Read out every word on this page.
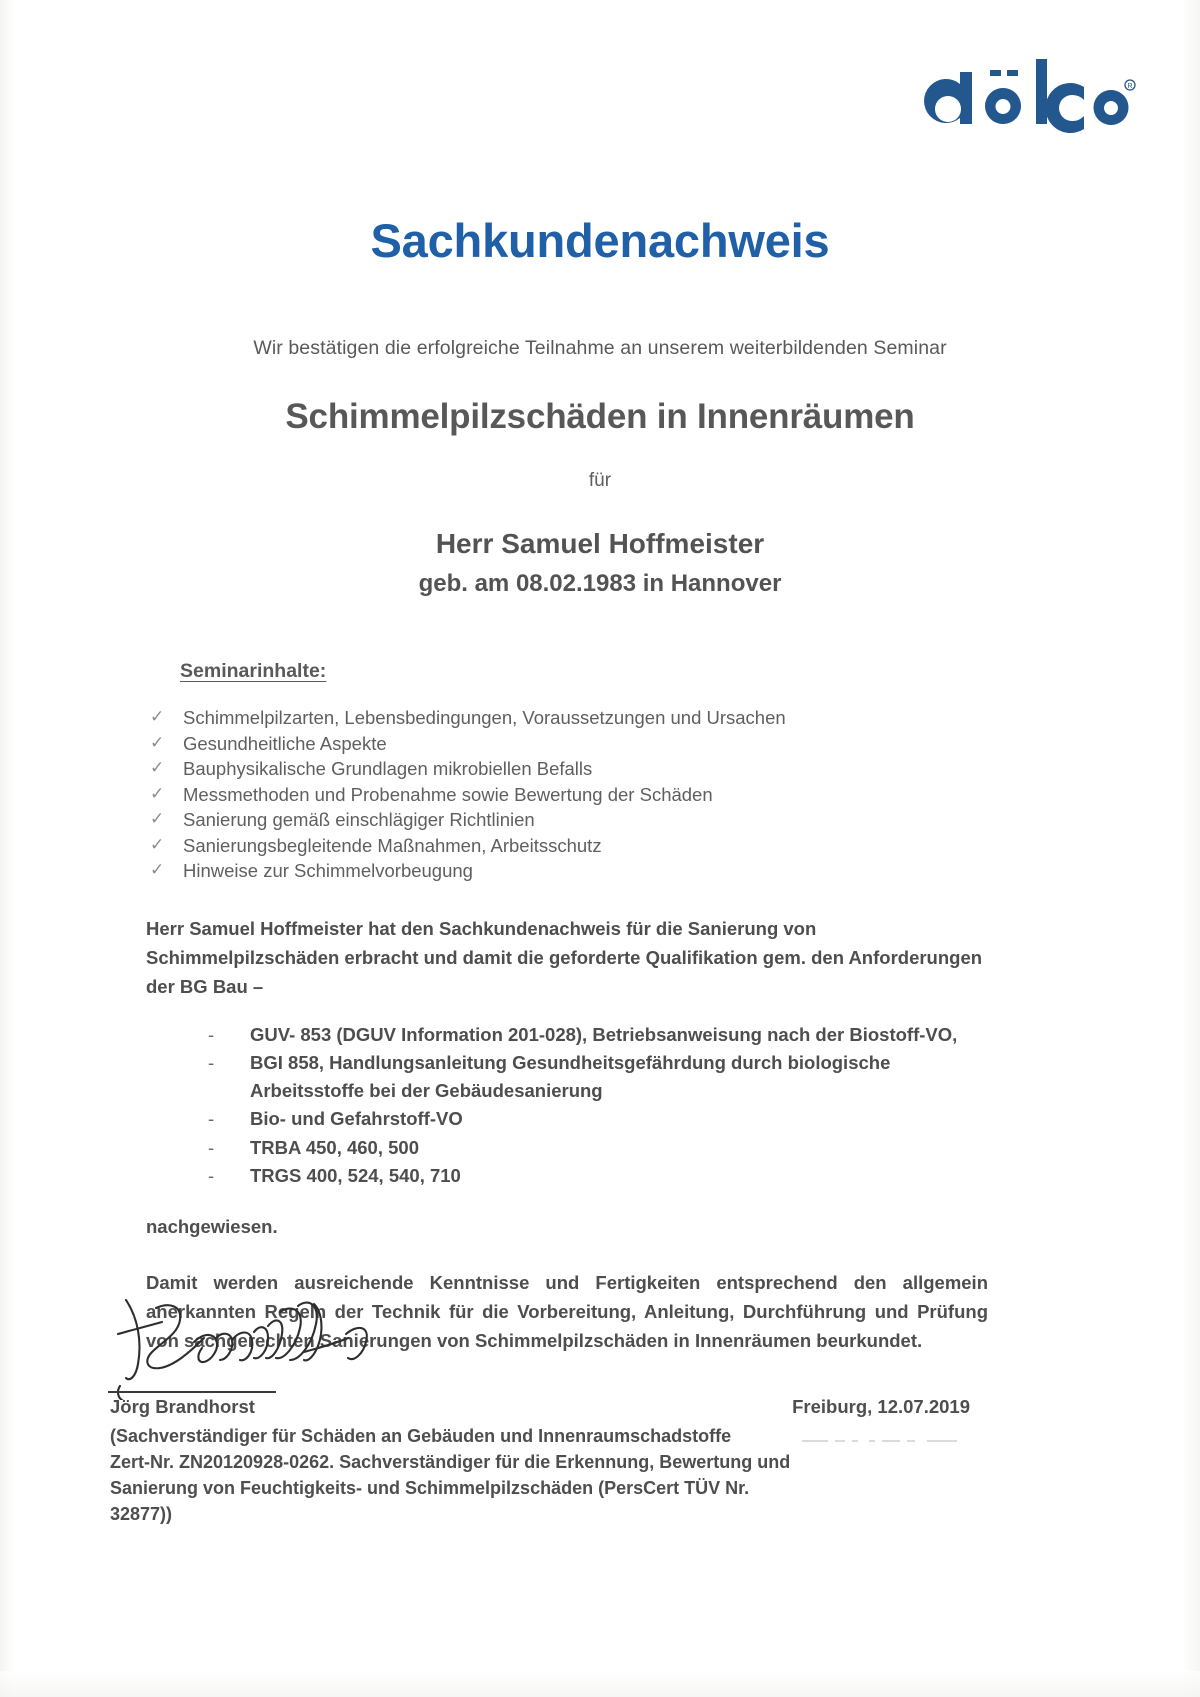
R
Sachkundenachweis
Wir bestätigen die erfolgreiche Teilnahme an unserem weiterbildenden Seminar
Schimmelpilzschäden in Innenräumen
für
Herr Samuel Hoffmeister
geb. am 08.02.1983 in Hannover
Seminarinhalte:
✓ Schimmelpilzarten, Lebensbedingungen, Voraussetzungen und Ursachen
✓ Gesundheitliche Aspekte
✓ Bauphysikalische Grundlagen mikrobiellen Befalls
✓ Messmethoden und Probenahme sowie Bewertung der Schäden
✓ Sanierung gemäß einschlägiger Richtlinien
✓ Sanierungsbegleitende Maßnahmen, Arbeitsschutz
✓ Hinweise zur Schimmelvorbeugung

Herr Samuel Hoffmeister hat den Sachkundenachweis für die Sanierung von Schimmelpilzschäden erbracht und damit die geforderte Qualifikation gem. den Anforderungen der BG Bau –

- GUV- 853 (DGUV Information 201-028), Betriebsanweisung nach der Biostoff-VO,
- BGI 858, Handlungsanleitung Gesundheitsgefährdung durch biologische Arbeitsstoffe bei der Gebäudesanierung
- Bio- und Gefahrstoff-VO
- TRBA 450, 460, 500
- TRGS 400, 524, 540, 710

nachgewiesen.

Damit werden ausreichende Kenntnisse und Fertigkeiten entsprechend den allgemein anerkannten Regeln der Technik für die Vorbereitung, Anleitung, Durchführung und Prüfung von sachgerechten Sanierungen von Schimmelpilzschäden in Innenräumen beurkundet.

Jörg Brandhorst
(Sachverständiger für Schäden an Gebäuden und Innenraumschadstoffe
Zert-Nr. ZN20120928-0262. Sachverständiger für die Erkennung, Bewertung und
Sanierung von Feuchtigkeits- und Schimmelpilzschäden (PersCert TÜV Nr. 32877))
Freiburg, 12.07.2019
